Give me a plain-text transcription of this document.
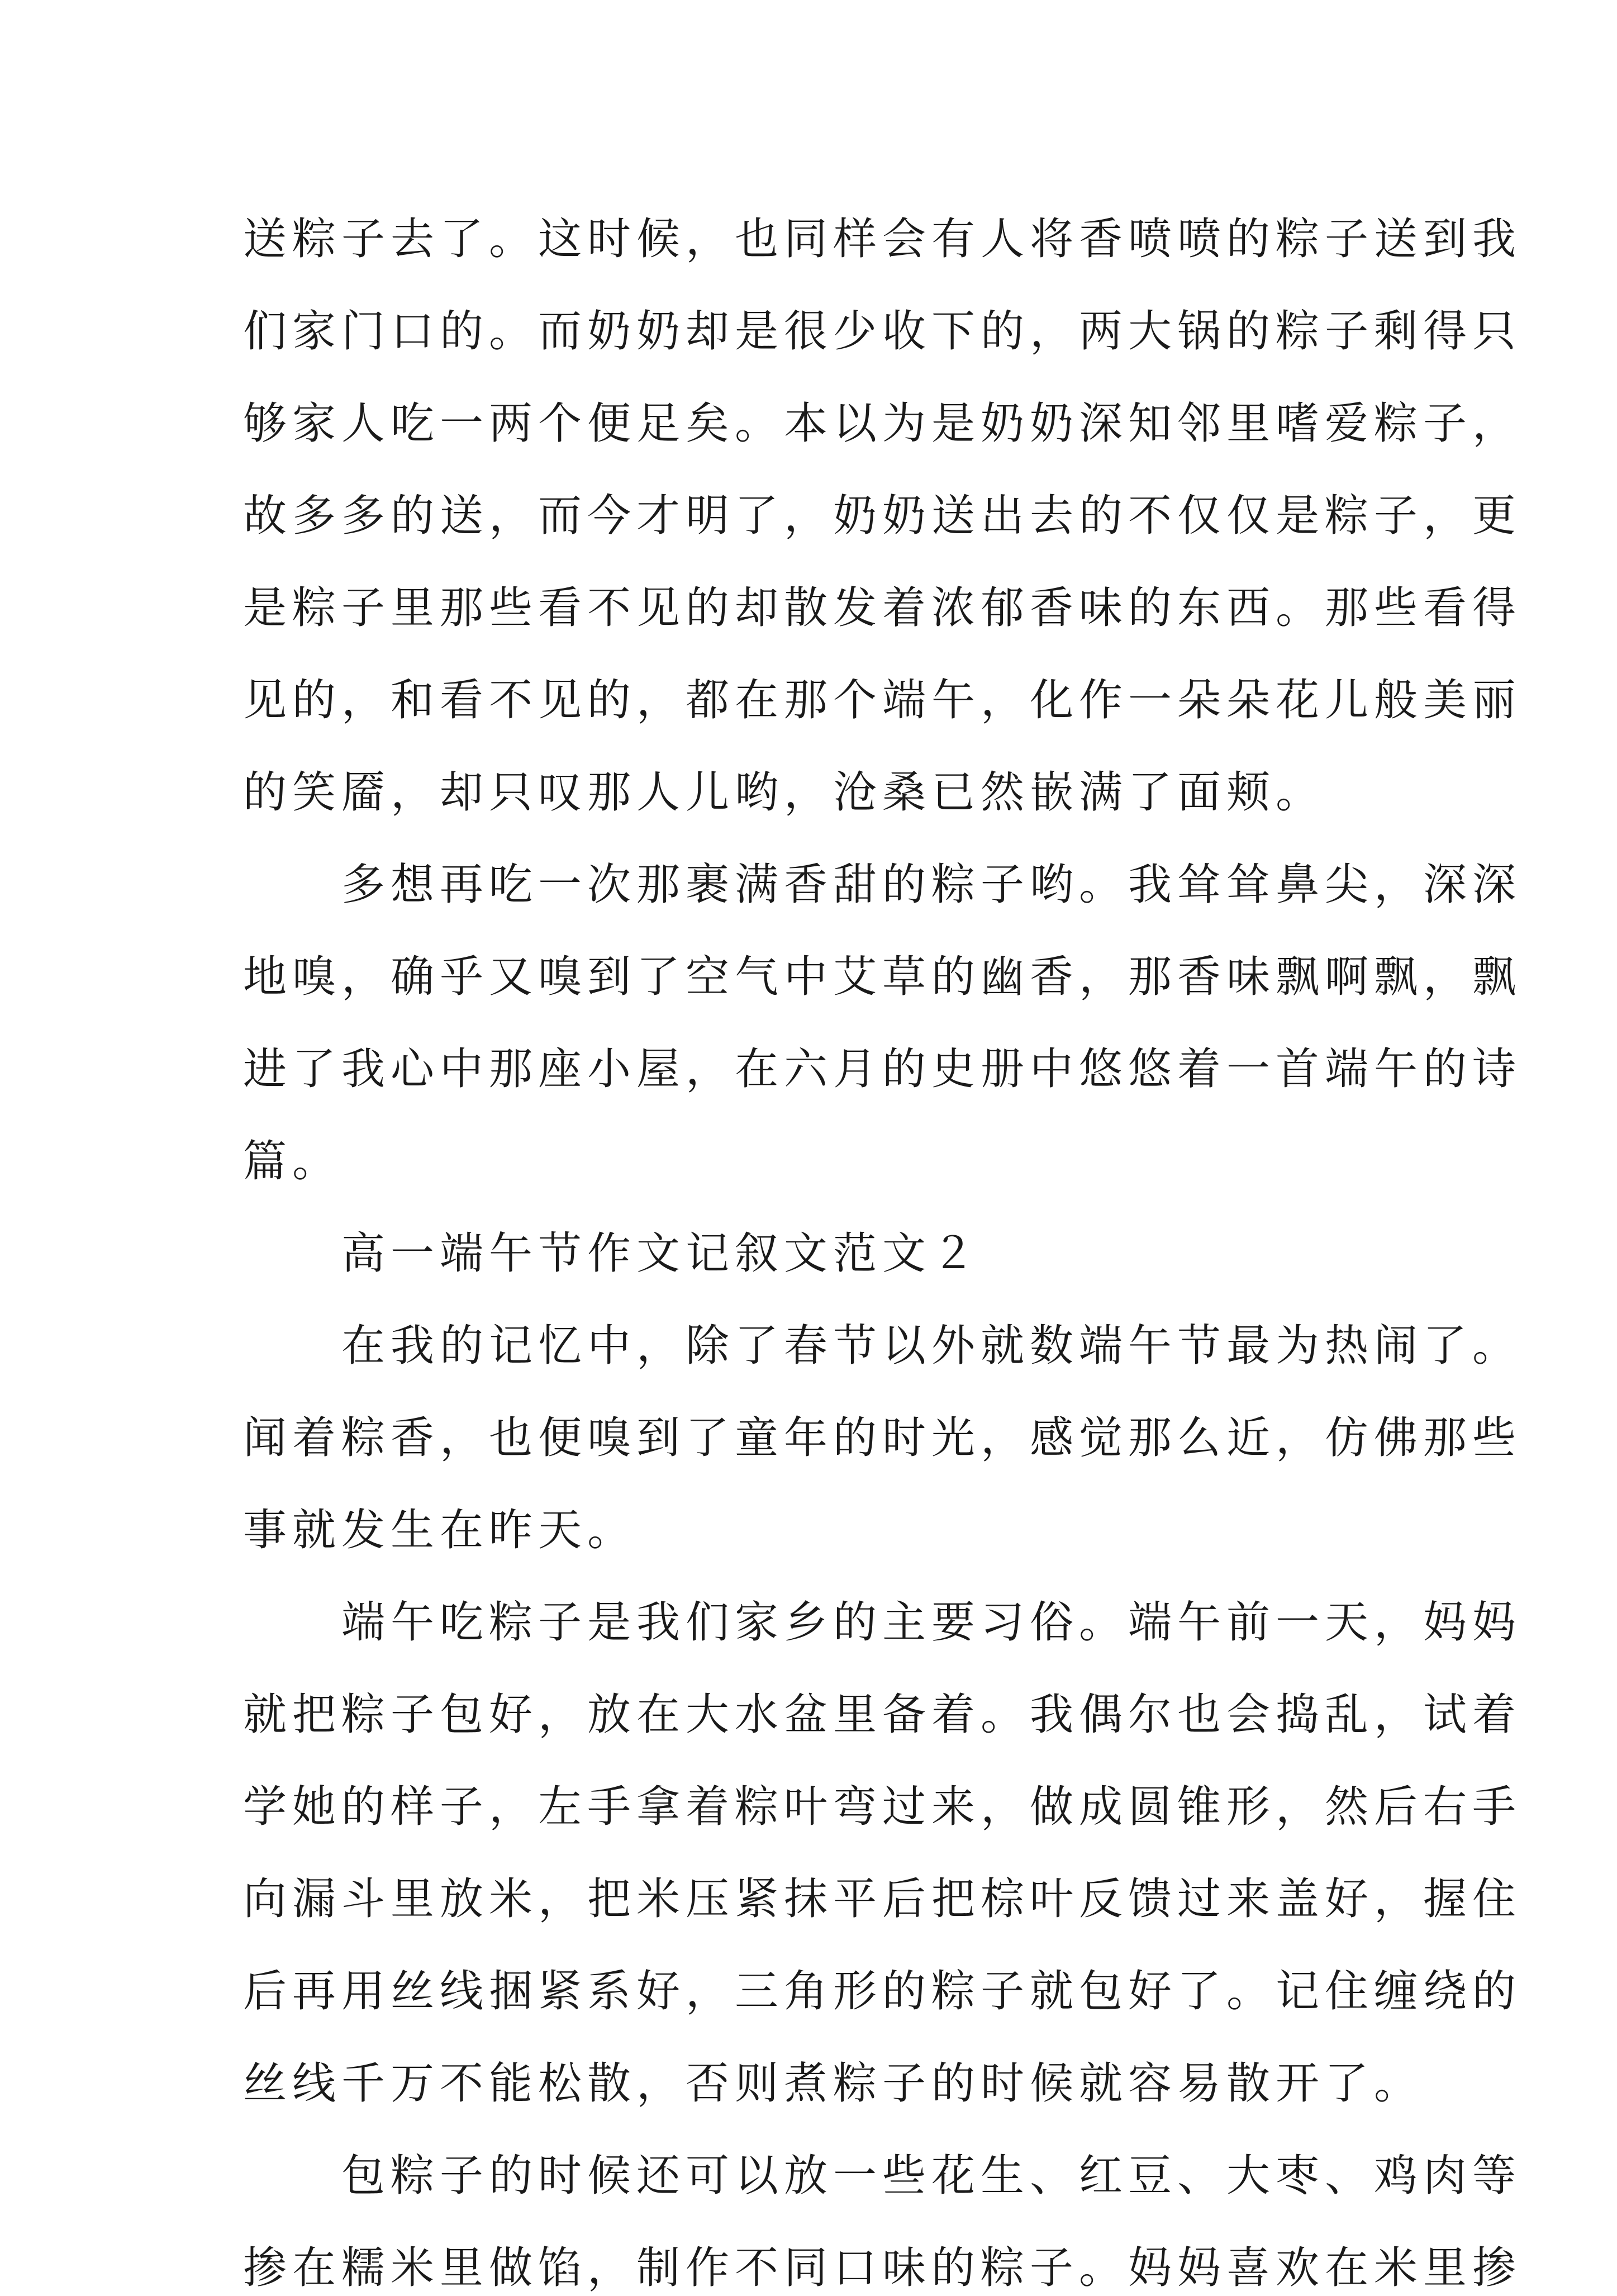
送粽子去了。这时候，也同样会有人将香喷喷的粽子送到我

们家门口的。而奶奶却是很少收下的，两大锅的粽子剩得只

够家人吃一两个便足矣。本以为是奶奶深知邻里嗜爱粽子，

故多多的送，而今才明了，奶奶送出去的不仅仅是粽子，更

是粽子里那些看不见的却散发着浓郁香味的东西。那些看得

见的，和看不见的，都在那个端午，化作一朵朵花儿般美丽

的笑靥，却只叹那人儿哟，沧桑已然嵌满了面颊。

　　多想再吃一次那裹满香甜的粽子哟。我耸耸鼻尖，深深

地嗅，确乎又嗅到了空气中艾草的幽香，那香味飘啊飘，飘

进了我心中那座小屋，在六月的史册中悠悠着一首端午的诗

篇。

　　高一端午节作文记叙文范文２

　　在我的记忆中，除了春节以外就数端午节最为热闹了。

闻着粽香，也便嗅到了童年的时光，感觉那么近，仿佛那些

事就发生在昨天。

　　端午吃粽子是我们家乡的主要习俗。端午前一天，妈妈

就把粽子包好，放在大水盆里备着。我偶尔也会捣乱，试着

学她的样子，左手拿着粽叶弯过来，做成圆锥形，然后右手

向漏斗里放米，把米压紧抹平后把棕叶反馈过来盖好，握住

后再用丝线捆紧系好，三角形的粽子就包好了。记住缠绕的

丝线千万不能松散，否则煮粽子的时候就容易散开了。

　　包粽子的时候还可以放一些花生、红豆、大枣、鸡肉等

掺在糯米里做馅，制作不同口味的粽子。妈妈喜欢在米里掺
